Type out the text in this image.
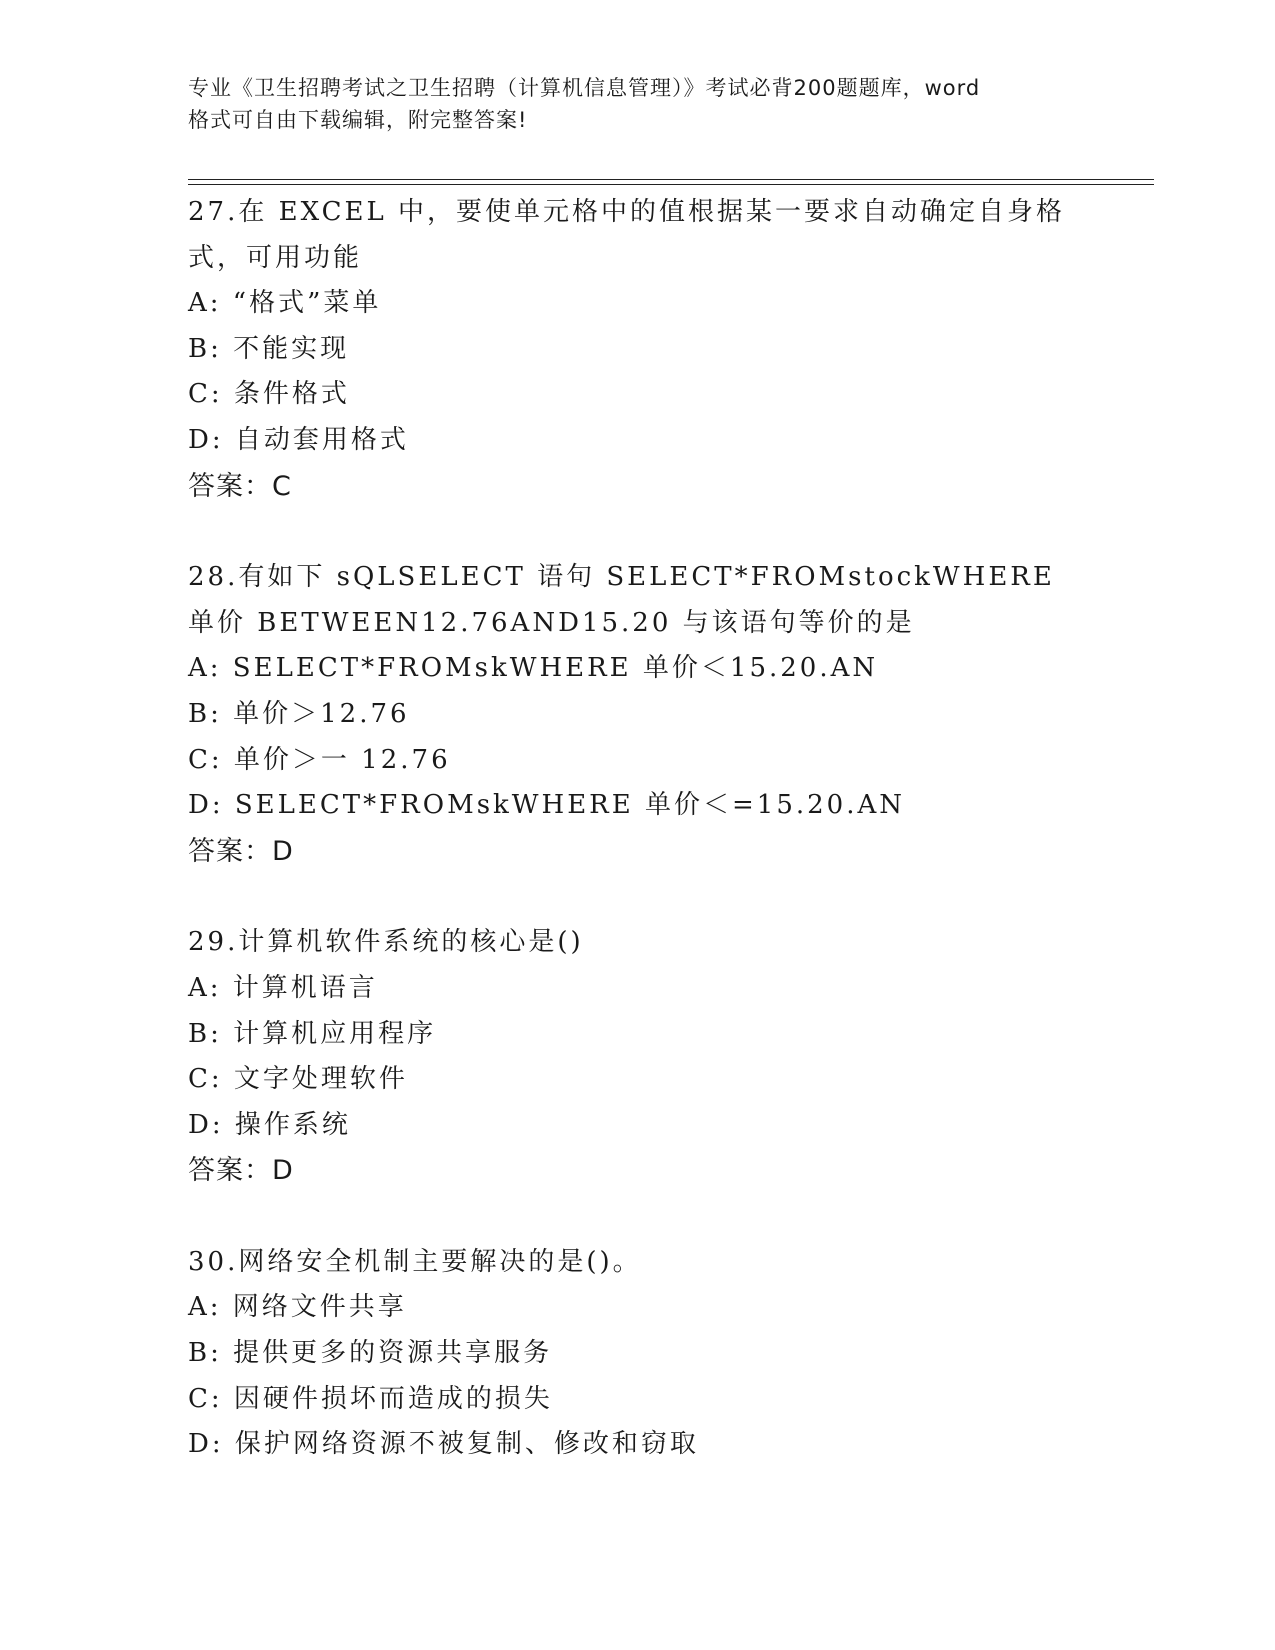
专业《卫生招聘考试之卫生招聘（计算机信息管理）》考试必背200题题库，word
格式可自由下载编辑，附完整答案!
27.在 EXCEL 中，要使单元格中的值根据某一要求自动确定自身格式，可用功能
A: “格式”菜单
B: 不能实现
C: 条件格式
D: 自动套用格式
答案：C
28.有如下 sQLSELECT 语句 SELECT*FROMstockWHERE 单价 BETWEEN12.76AND15.20 与该语句等价的是
A: SELECT*FROMskWHERE 单价＜15.20.AN
B: 单价＞12.76
C: 单价＞一 12.76
D: SELECT*FROMskWHERE 单价＜=15.20.AN
答案：D
29.计算机软件系统的核心是()
A: 计算机语言
B: 计算机应用程序
C: 文字处理软件
D: 操作系统
答案：D
30.网络安全机制主要解决的是()。
A: 网络文件共享
B: 提供更多的资源共享服务
C: 因硬件损坏而造成的损失
D: 保护网络资源不被复制、修改和窃取
